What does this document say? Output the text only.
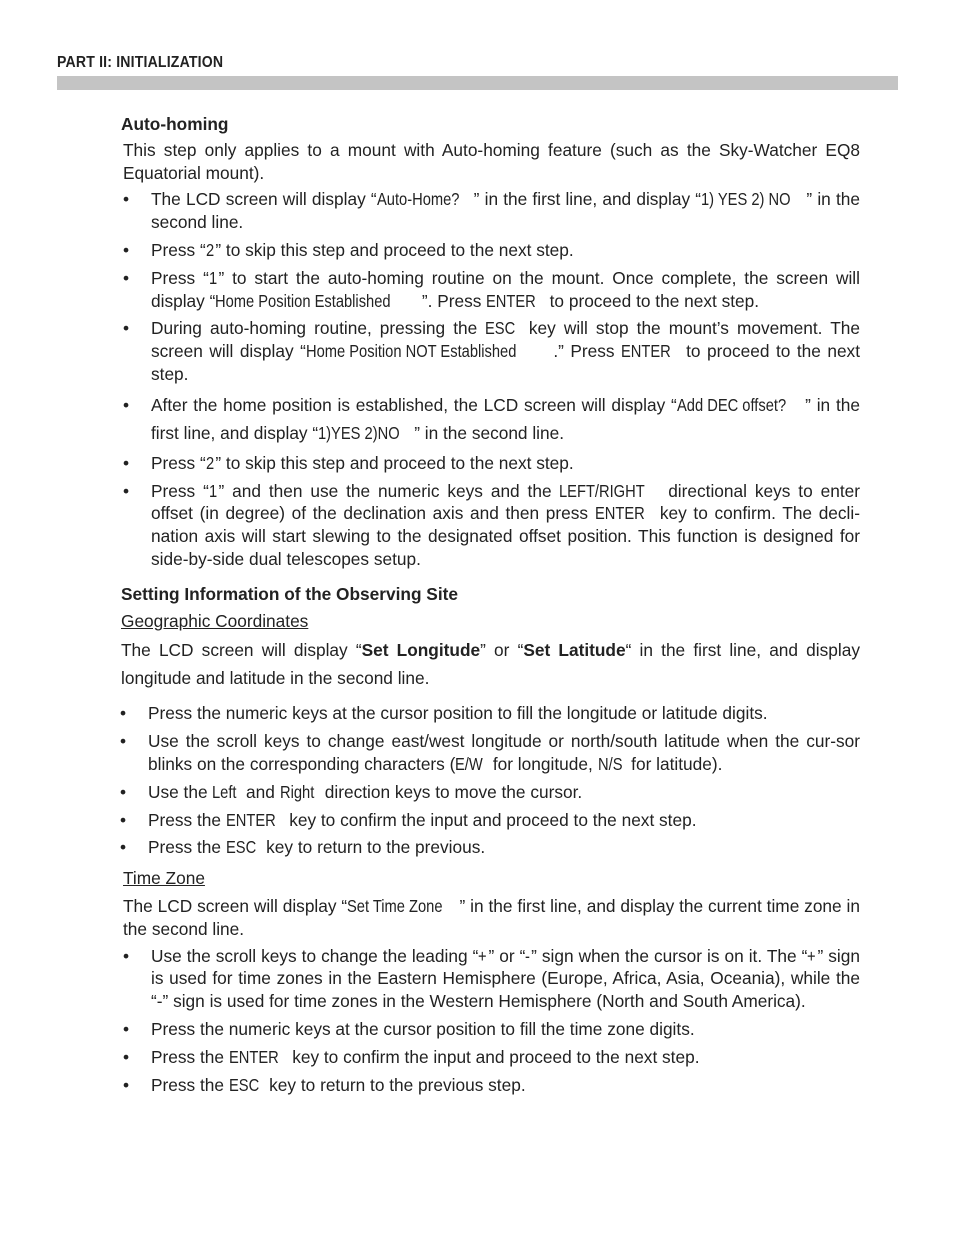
PART II: INITIALIZATION
Auto-homing

This step only applies to a mount with Auto-homing feature (such as the Sky-Watcher EQ8 Equatorial mount).

• The LCD screen will display “Auto-Home? ” in the first line, and display “1) YES 2) NO ” in the second line.
• Press “2” to skip this step and proceed to the next step.
• Press “1” to start the auto-homing routine on the mount. Once complete, the screen will display “Home Position Established ”. Press ENTER to proceed to the next step.
• During auto-homing routine, pressing the ESC key will stop the mount’s movement. The screen will display “Home Position NOT Established .” Press ENTER to proceed to the next step.
• After the home position is established, the LCD screen will display “Add DEC offset? ” in the first line, and display “1)YES 2)NO ” in the second line.
• Press “2” to skip this step and proceed to the next step.
• Press “1” and then use the numeric keys and the LEFT/RIGHT directional keys to enter offset (in degree) of the declination axis and then press ENTER key to confirm. The decli-nation axis will start slewing to the designated offset position. This function is designed for side-by-side dual telescopes setup.
Setting Information of the Observing Site

Geographic Coordinates

The LCD screen will display “Set Longitude” or “Set Latitude“ in the first line, and display longitude and latitude in the second line.

• Press the numeric keys at the cursor position to fill the longitude or latitude digits.
• Use the scroll keys to change east/west longitude or north/south latitude when the cur-sor blinks on the corresponding characters (E/W for longitude, N/S for latitude).
• Use the Left and Right direction keys to move the cursor.
• Press the ENTER key to confirm the input and proceed to the next step.
• Press the ESC key to return to the previous.

Time Zone

The LCD screen will display “Set Time Zone ” in the first line, and display the current time zone in the second line.

• Use the scroll keys to change the leading “+” or “-” sign when the cursor is on it. The “+” sign is used for time zones in the Eastern Hemisphere (Europe, Africa, Asia, Oceania), while the “-” sign is used for time zones in the Western Hemisphere (North and South America).
• Press the numeric keys at the cursor position to fill the time zone digits.
• Press the ENTER key to confirm the input and proceed to the next step.
• Press the ESC key to return to the previous step.
